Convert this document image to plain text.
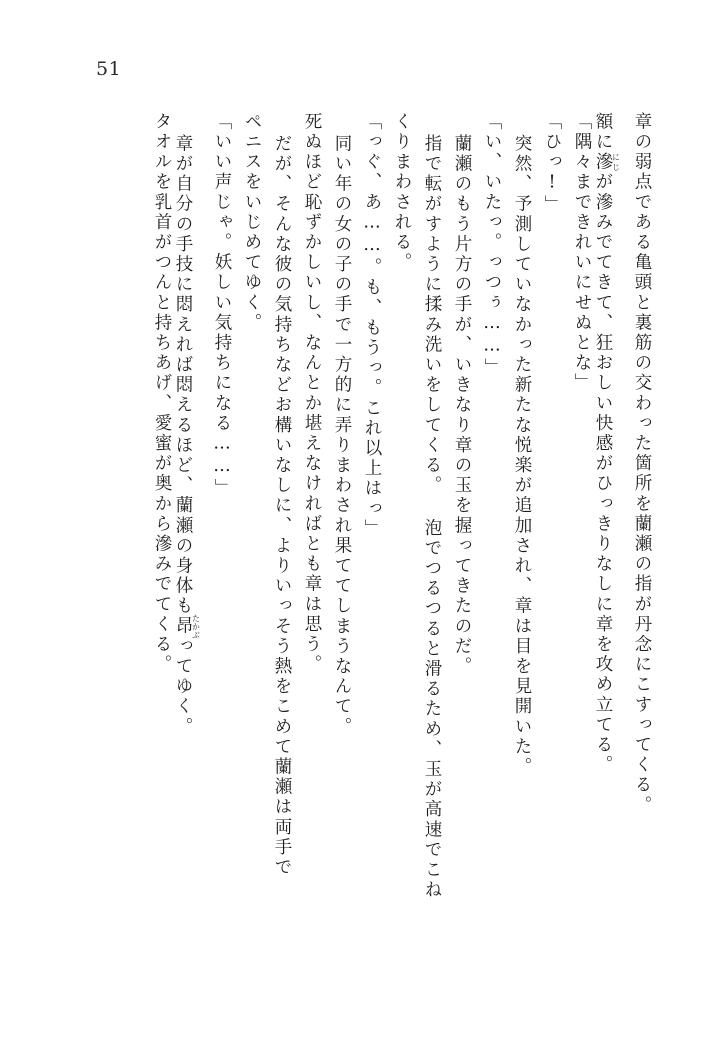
51
章の弱点である亀頭と裏筋の交わった箇所を蘭瀬の指が丹念にこすってくる。
額に滲にじが滲みでてきて、狂おしい快感がひっきりなしに章を攻め立てる。
「隅々まできれいにせぬとな」
「ひっ!」
突然、予測していなかった新たな悦楽が追加され、章は目を見開いた。
「い、いたっ。っつぅ……」
蘭瀬のもう片方の手が、いきなり章の玉を握ってきたのだ。
指で転がすように揉み洗いをしてくる。 泡でつるつると滑るため、玉が高速でこね
くりまわされる。
「っぐ、あ……。も、もうっ。これ以上はっ」
同い年の女の子の手で一方的に弄りまわされ果ててしまうなんて。
死ぬほど恥ずかしいし、なんとか堪えなければとも章は思う。
だが、そんな彼の気持ちなどお構いなしに、よりいっそう熱をこめて蘭瀬は両手で
ペニスをいじめてゆく。
「いい声じゃ。妖しい気持ちになる……」
章が自分の手技に悶えれば悶えるほど、蘭瀬の身体も昂たかぶってゆく。
タオルを乳首がつんと持ちあげ、愛蜜が奥から滲みでてくる。
